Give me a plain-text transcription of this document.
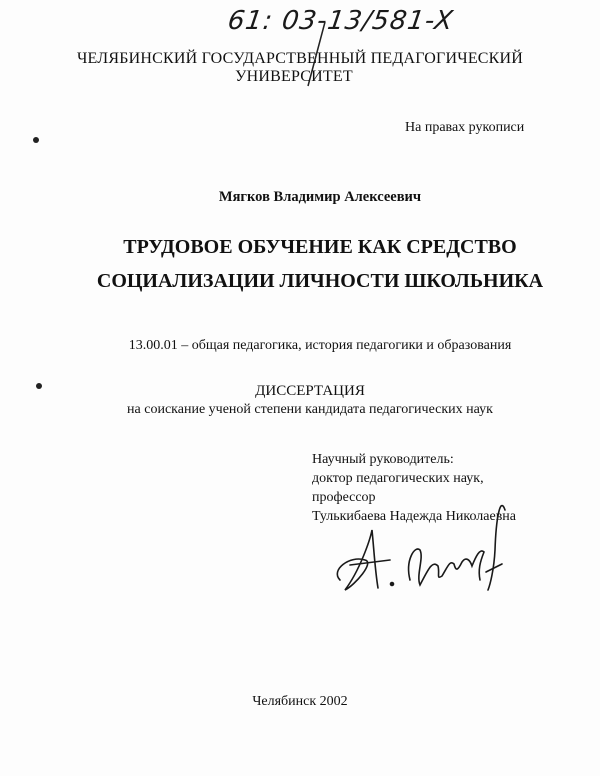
61: 03-13/581-X
ЧЕЛЯБИНСКИЙ ГОСУДАРСТВЕННЫЙ ПЕДАГОГИЧЕСКИЙ
УНИВЕРСИТЕТ
На правах рукописи
Мягков Владимир Алексеевич
ТРУДОВОЕ ОБУЧЕНИЕ КАК СРЕДСТВО
СОЦИАЛИЗАЦИИ ЛИЧНОСТИ ШКОЛЬНИКА
13.00.01 – общая педагогика, история педагогики и образования
ДИССЕРТАЦИЯ
на соискание ученой степени кандидата педагогических наук
Научный руководитель:
доктор педагогических наук,
профессор
Тулькибаева Надежда Николаевна
Челябинск 2002
